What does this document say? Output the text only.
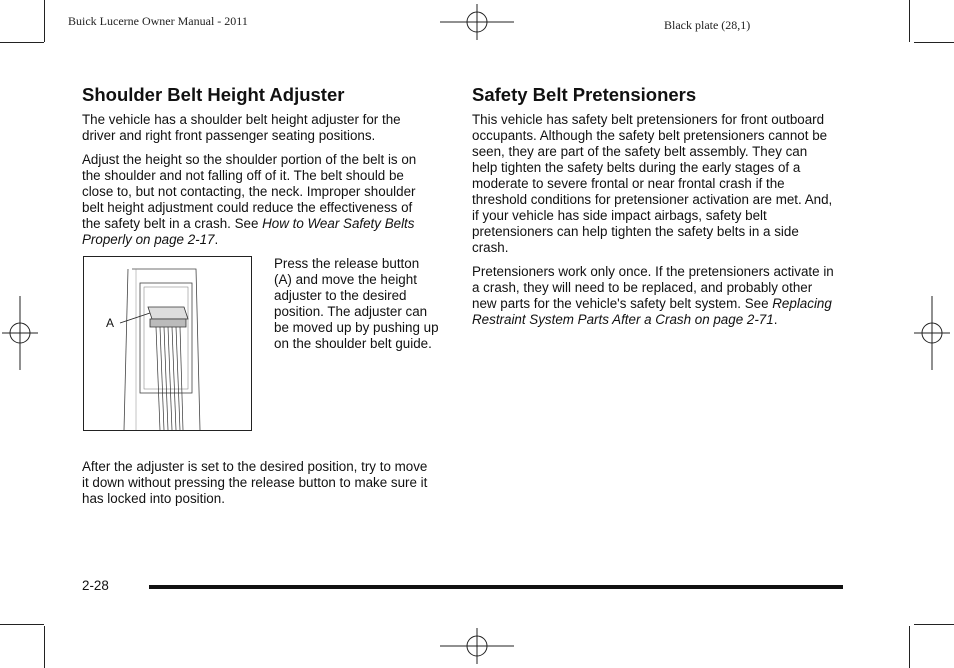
Buick Lucerne Owner Manual - 2011	Black plate (28,1)
Shoulder Belt Height Adjuster

The vehicle has a shoulder belt height adjuster for the driver and right front passenger seating positions.

Adjust the height so the shoulder portion of the belt is on the shoulder and not falling off of it. The belt should be close to, but not contacting, the neck. Improper shoulder belt height adjustment could reduce the effectiveness of the safety belt in a crash. See How to Wear Safety Belts Properly on page 2-17.

A
Press the release button (A) and move the height adjuster to the desired position. The adjuster can be moved up by pushing up on the shoulder belt guide.

After the adjuster is set to the desired position, try to move it down without pressing the release button to make sure it has locked into position.

Safety Belt Pretensioners

This vehicle has safety belt pretensioners for front outboard occupants. Although the safety belt pretensioners cannot be seen, they are part of the safety belt assembly. They can help tighten the safety belts during the early stages of a moderate to severe frontal or near frontal crash if the threshold conditions for pretensioner activation are met. And, if your vehicle has side impact airbags, safety belt pretensioners can help tighten the safety belts in a side crash.

Pretensioners work only once. If the pretensioners activate in a crash, they will need to be replaced, and probably other new parts for the vehicle's safety belt system. See Replacing Restraint System Parts After a Crash on page 2-71.

2-28
